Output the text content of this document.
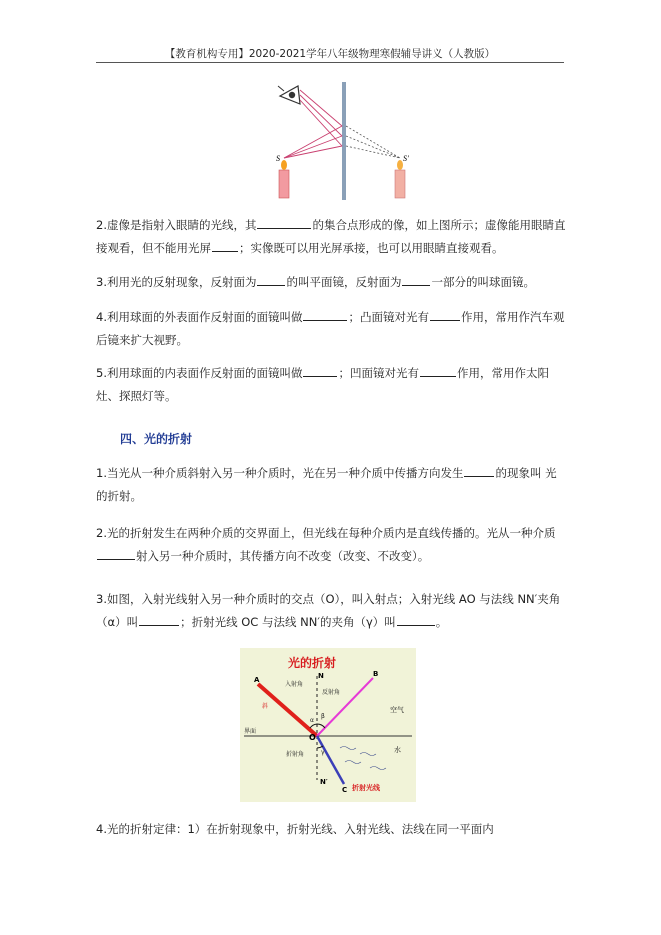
【教育机构专用】2020-2021学年八年级物理寒假辅导讲义（人教版）
S	S′
2.虚像是指射入眼睛的光线，其	的集合点形成的像，如上图所示；虚像能用眼睛直接观看，但不能用光屏 ；实像既可以用光屏承接，也可以用眼睛直接观看。
3.利用光的反射现象，反射面为	的叫平面镜，反射面为	一部分的叫球面镜。
4.利用球面的外表面作反射面的面镜叫做	；凸面镜对光有	作用，常用作汽车观后镜来扩大视野。
5.利用球面的内表面作反射面的面镜叫做	；凹面镜对光有	作用，常用作太阳灶、探照灯等。
四、光的折射
1.当光从一种介质斜射入另一种介质时，光在另一种介质中传播方向发生	的现象叫 光的折射。
2.光的折射发生在两种介质的交界面上，但光线在每种介质内是直线传播的。光从一种介质射入另一种介质时，其传播方向不改变（改变、不改变）。
3.如图，入射光线射入另一种介质时的交点（O），叫入射点；入射光线 AO 与法线 NN′夹角（α）叫	；折射光线 OC 与法线 NN′的夹角（γ）叫	。
光的折射
A
B
C
N
N′
O
入射角
反射角
折射角
斜	空气
界面
水
α
β
γ
折射光线
4.光的折射定律：1）在折射现象中，折射光线、入射光线、法线在同一平面内
